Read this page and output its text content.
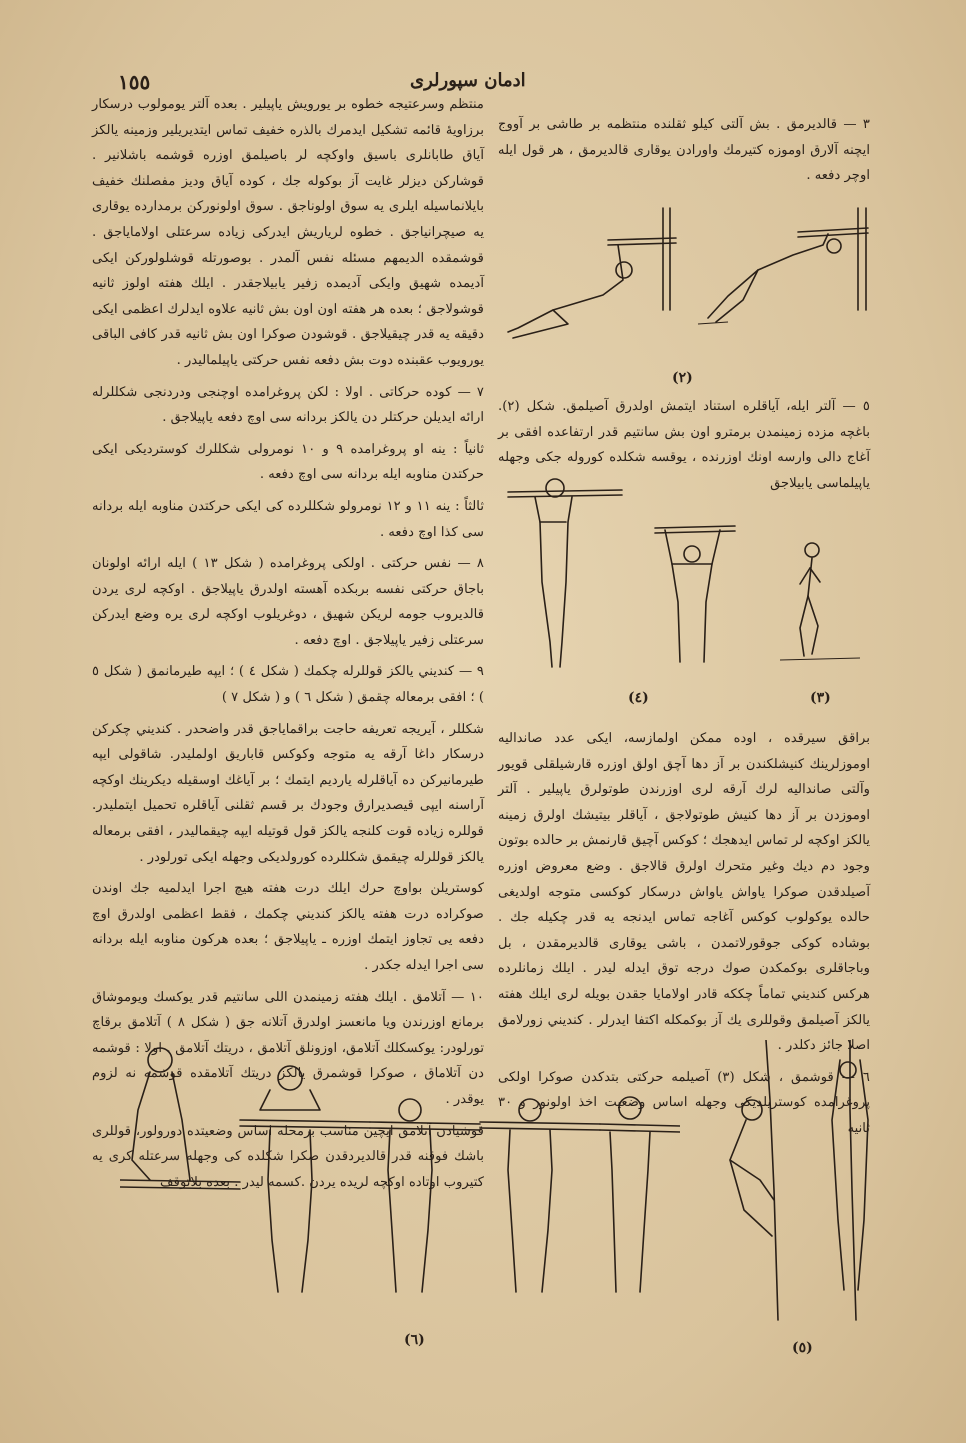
١٥٥	ادمان سپورلری

٣ — قالديرمق . بش آلتى كيلو ثقلنده منتظمه بر طاشى بر آووج ايچنه آلارق اوموزه كتيرمك واورادن يوقارى قالديرمق ، هر قول ايله اوچر دفعه .

(٢)

٥ — آلتر ايله، آياقلره استناد ايتمش اولدرق آصيلمق. شكل (٢). باغچه مزده زمينمدن برمترو اون بش سانتيم قدر ارتفاعده افقى بر آغاج دالى وارسه اونك اوزرنده ، يوقسه شكلده كوروله جكى وجهله ياپيلماسى يابيلاجق

(٤)	(٣)

براقق سيرقده ، اوده ممكن اولمازسه، ايكى عدد صانداليه اوموزلرينك كنيشلكندن بر آز دها آچق اولق اوزره قارشيلقلى قويور وآلتى صانداليه لرك آرقه لرى اوزرندن طوتولرق ياپيلير . آلتر اوموزدن بر آز دها كنيش طوتولاجق ، آياقلر بيتيشك اولرق زمينه يالكز اوكچه لر تماس ايدهجك ؛ كوكس آچيق قارنمش بر حالده بوتون وجود دم ديك وغير متحرك اولرق قالاجق . وضع معروض اوزره آصيلدقدن صوكرا ياواش ياواش درسكار كوكسى متوجه اولديغى حالده يوكولوب كوكس آغاجه تماس ايدنجه يه قدر چكيله جك . بوشاده كوكى جوقورلاتمدن ، باشى يوقارى قالديرمقدن ، بل وباجاقلرى بوكمكدن صوك درجه توق ايدله ليدر . ايلك زمانلرده هركس كنديني تماماً چككه قادر اولامايا جقدن بويله لرى ايلك هفته يالكز آصيلمق وقوللرى يك آز بوكمكله اكتفا ايدرلر . كنديني زورلامق اصلا جائز دكلدر .

٦ — قوشمق ، شكل (٣) آصيلمه حركتى بتدكدن صوكرا اولكى پروغرامده كوستريلديكى وجهله اساس وضعيت اخذ اولونور و ٣٠ ثانيه

منتظم وسرعتيجه خطوه بر يورويش ياپيلير . بعده آلتر يومولوب درسكار برزاويهٔ قائمه تشكيل ايدمرك بالذره خفيف تماس ايتديريلير وزمينه يالكز آياق طابانلرى باسيق واوكچه لر باصيلمق اوزره قوشمه باشلانير . قوشارکن دیزلر غایت آز بوکوله جك ، كوده آياق وديز مفصلنك خفيف بايلانماسيله ايلرى يه سوق اولوناجق . سوق اولونوركن برمدارده يوقارى يه صيچرانياجق . خطوه لرياريش ايدركى زياده سرعتلى اولاماياجق . قوشمقده الديمهم مسئله نفس آلمدر . بوصورتله قوشلولوركن ايكى آديمده شهيق وايكى آديمده زفير يابيلاجقدر . ايلك هفته اولوز ثانيه قوشولاجق ؛ بعده هر هفته اون اون بش ثانيه علاوه ايدلرك اعظمى ايكى دقيقه يه قدر چيقيلاجق . قوشودن صوكرا اون بش ثانيه قدر كافى الباقى يورويوب عقبنده دوت بش دفعه نفس حركتى ياپيلماليدر .

٧ — كوده حركاتى . اولا : لكن پروغرامده اوچنجى ودردنجى شكللرله ارائه ايديلن حركتلر دن يالكز بردانه سى اوچ دفعه ياپيلاجق .

ثانياً : ينه او پروغرامده ٩ و ١٠ نومرولى شكللرك كوستردیکى ايكى حركتدن مناوبه ايله بردانه سى اوچ دفعه .

ثالثاً : ينه ١١ و ١٢ نومرولو شكللرده كى ايكى حركتدن مناوبه ايله بردانه سى كذا اوچ دفعه .

٨ — نفس حركتى . اولكى پروغرامده ( شكل ١٣ ) ايله ارائه اولونان باجاق حركتى نفسه بربكده آهسته اولدرق ياپيلاجق . اوكچه لرى يردن قالديروب جومه لريكن شهيق ، دوغريلوب اوكچه لرى يره وضع ايدركن سرعتلى زفير ياپيلاجق . اوچ دفعه .

٩ — كنديني يالكز قوللرله چكمك ( شكل ٤ ) ؛ ايپه طيرمانمق ( شكل ٥ ) ؛ افقى برمعاله چقمق ( شكل ٦ ) و ( شكل ٧ )

شكللر ، آيريجه تعريفه حاجت براقماياجق قدر واضحدر . كنديني چكركن درسكار داغا آرقه يه متوجه وكوكس قاباريق اولمليدر. شاقولى ايپه طيرمانيركن ده آياقلرله يارديم ايتمك ؛ بر آياغك اوسقيله ديكرينك اوكچه آراسنه ايپى قيصديرارق وجودك بر قسم ثقلنى آياقلره تحميل ايتمليدر. قوللره زياده قوت كلنجه يالكز قول قوتيله ايپه چيقماليدر ، افقى برمعاله يالكز قوللرله چيقمق شكللرده كورولديكى وجهله ايكى تورلودر .

كوستريلن بواوچ حرك ايلك درت هفته هيچ اجرا ايدلميه جك اوندن صوكراده درت هفته يالكز كنديني چكمك ، فقط اعظمى اولدرق اوچ دفعه يى تجاوز ايتمك اوزره ـ ياپيلاجق ؛ بعده هركون مناوبه ايله بردانه سى اجرا ايدله جكدر .

١٠ — آتلامق . ايلك هفته زمينمدن اللى سانتيم قدر يوكسك ويوموشاق برمانع اوزرندن ويا مانعسز اولدرق آتلانه جق ( شكل ٨ ) آتلامق برقاچ تورلودر: يوكسكلك آتلامق، اوزونلق آتلامق ، دريتك آتلامق . اولا : قوشمه دن آتلاماق ، صوكرا قوشمرق يالكز دريتك آتلامقده قوشمه نه لزوم يوقدر .

قوشيادن آتلامق ايچين مناسب برمحله اساس وضعيتده دورولور، قوللرى باشك فوقنه قدر قالديردقدن صكرا شكلده كى وجهله سرعتله كرى يه كتيروب اوتاده اوكچه لريده يردن .كسمه ليدر . بعده بلاتوقف

(٦)	(٥)
